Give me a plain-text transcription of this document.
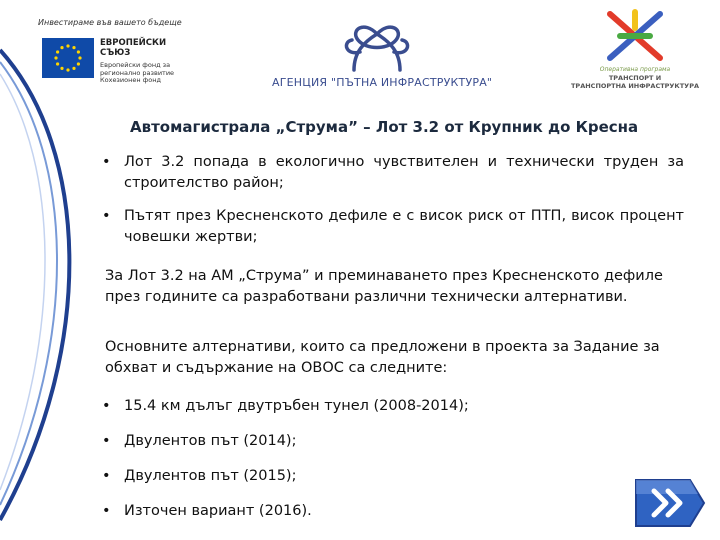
Инвестираме във вашето бъдеще
ЕВРОПЕЙСКИ
СЪЮЗ
Европейски фонд за
регионално развитие
Кохезионен фонд	АГЕНЦИЯ "ПЪТНА ИНФРАСТРУКТУРА"
Оперативна програма
ТРАНСПОРТ И
ТРАНСПОРТНА ИНФРАСТРУКТУРА
Автомагистрала „Струма” – Лот 3.2 от Крупник до Кресна
• Лот 3.2 попада в екологично чувствителен и технически труден за строителство район;
• Пътят през Кресненското дефиле е с висок риск от ПТП, висок процент човешки жертви;
За Лот 3.2 на АМ „Струма” и преминаването през Кресненското дефиле през годините са разработвани различни технически алтернативи.
Основните алтернативи, които са предложени в проекта за Задание за обхват и съдържание на ОВОС са следните:
• 15.4 км дълъг двутръбен тунел (2008-2014);
• Двулентов път (2014);
• Двулентов път (2015);
• Източен вариант (2016).
